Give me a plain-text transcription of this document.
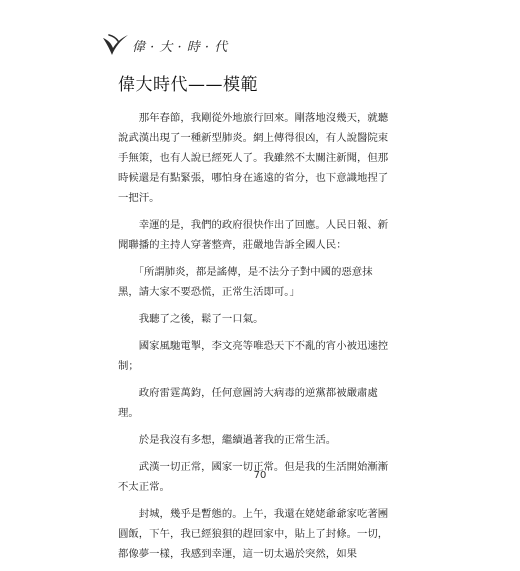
偉 · 大 · 時 · 代
偉大時代——模範

　　那年春節，我剛從外地旅行回來。剛落地沒幾天，就聽說武漢出現了一種新型肺炎。網上傳得很凶，有人說醫院束手無策，也有人說已經死人了。我雖然不太關注新聞，但那時候還是有點緊張，哪怕身在遙遠的省分，也下意識地捏了一把汗。

　　幸運的是，我們的政府很快作出了回應。人民日報、新聞聯播的主持人穿著整齊，莊嚴地告訴全國人民：

　　「所謂肺炎，都是謠傳，是不法分子對中國的惡意抹黑，請大家不要恐慌，正常生活即可。」

　　我聽了之後，鬆了一口氣。

　　國家風馳電掣，李文亮等唯恐天下不亂的宵小被迅速控制；

　　政府雷霆萬鈞，任何意圖誇大病毒的逆黨都被嚴肅處理。

　　於是我沒有多想，繼續過著我的正常生活。

　　武漢一切正常，國家一切正常。但是我的生活開始漸漸不太正常。

　　封城，幾乎是暫態的。上午，我還在姥姥爺爺家吃著團圓飯，下午，我已經狼狽的趕回家中，貼上了封條。一切，都像夢一樣，我感到幸運，這一切太過於突然，如果

70
